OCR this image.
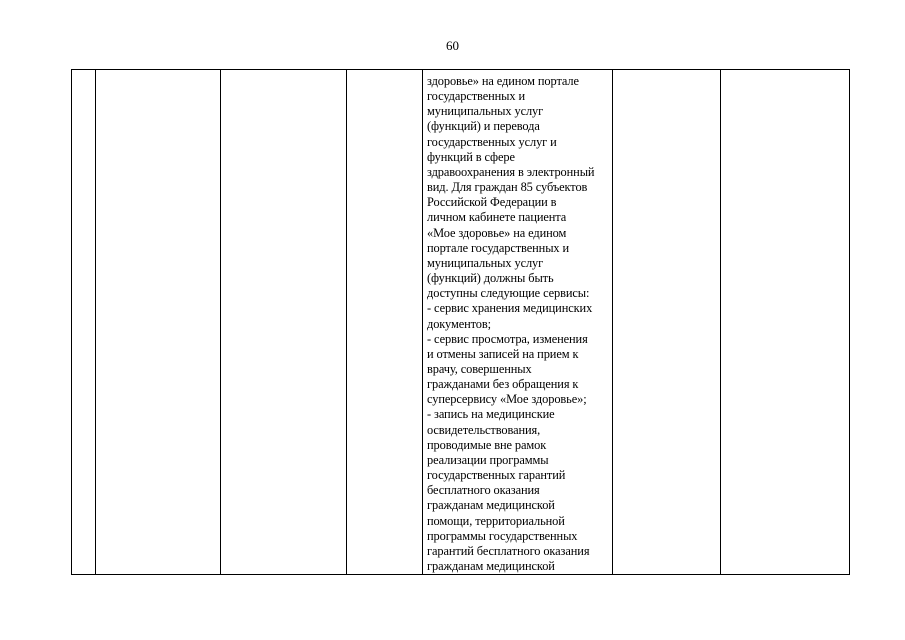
60

здоровье» на едином портале
государственных и
муниципальных услуг
(функций) и перевода
государственных услуг и
функций в сфере
здравоохранения в электронный
вид. Для граждан 85 субъектов
Российской Федерации в
личном кабинете пациента
«Мое здоровье» на едином
портале государственных и
муниципальных услуг
(функций) должны быть
доступны следующие сервисы:
- сервис хранения медицинских
документов;
- сервис просмотра, изменения
и отмены записей на прием к
врачу, совершенных
гражданами без обращения к
суперсервису «Мое здоровье»;
- запись на медицинские
освидетельствования,
проводимые вне рамок
реализации программы
государственных гарантий
бесплатного оказания
гражданам медицинской
помощи, территориальной
программы государственных
гарантий бесплатного оказания
гражданам медицинской
